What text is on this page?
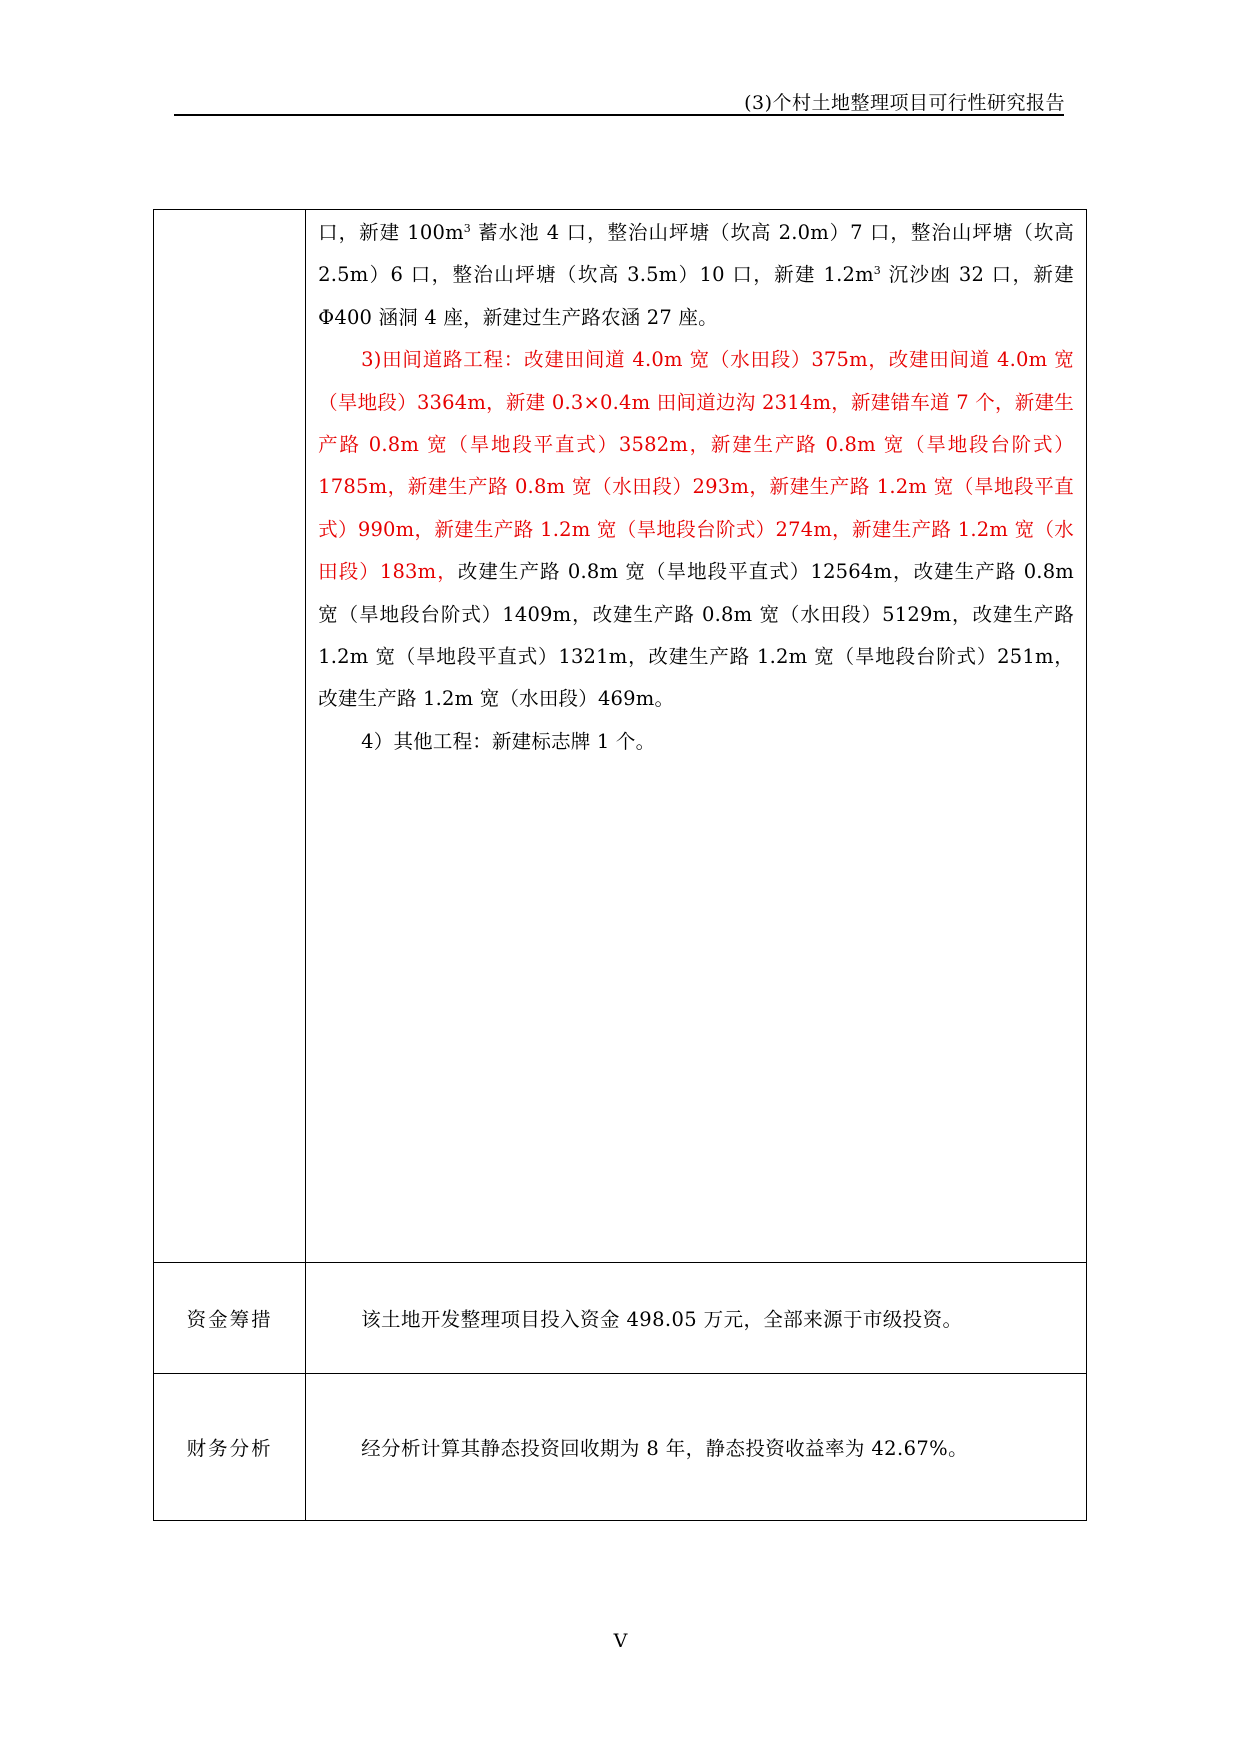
(3)个村土地整理项目可行性研究报告

	口，新建 $100m^3$ 蓄水池 4 口，整治山坪塘（坎高 2.0m）7 口，整治山坪塘（坎高 2.5m）6 口，整治山坪塘（坎高 3.5m）10 口，新建 $1.2m^3$ 沉沙凼 32 口，新建 Φ400 涵洞 4 座，新建过生产路农涵 27 座。

3)田间道路工程：改建田间道 4.0m 宽（水田段）375m，改建田间道 4.0m 宽（旱地段）3364m，新建 0.3×0.4m 田间道边沟 2314m，新建错车道 7 个，新建生产路 0.8m 宽（旱地段平直式）3582m，新建生产路 0.8m 宽（旱地段台阶式）1785m，新建生产路 0.8m 宽（水田段）293m，新建生产路 1.2m 宽（旱地段平直式）990m，新建生产路 1.2m 宽（旱地段台阶式）274m，新建生产路 1.2m 宽（水田段）183m，改建生产路 0.8m 宽（旱地段平直式）12564m，改建生产路 0.8m 宽（旱地段台阶式）1409m，改建生产路 0.8m 宽（水田段）5129m，改建生产路 1.2m 宽（旱地段平直式）1321m，改建生产路 1.2m 宽（旱地段台阶式）251m，改建生产路 1.2m 宽（水田段）469m。

4）其他工程：新建标志牌 1 个。

资金筹措	该土地开发整理项目投入资金 498.05 万元，全部来源于市级投资。
财务分析	经分析计算其静态投资回收期为 8 年，静态投资收益率为 42.67%。
V
